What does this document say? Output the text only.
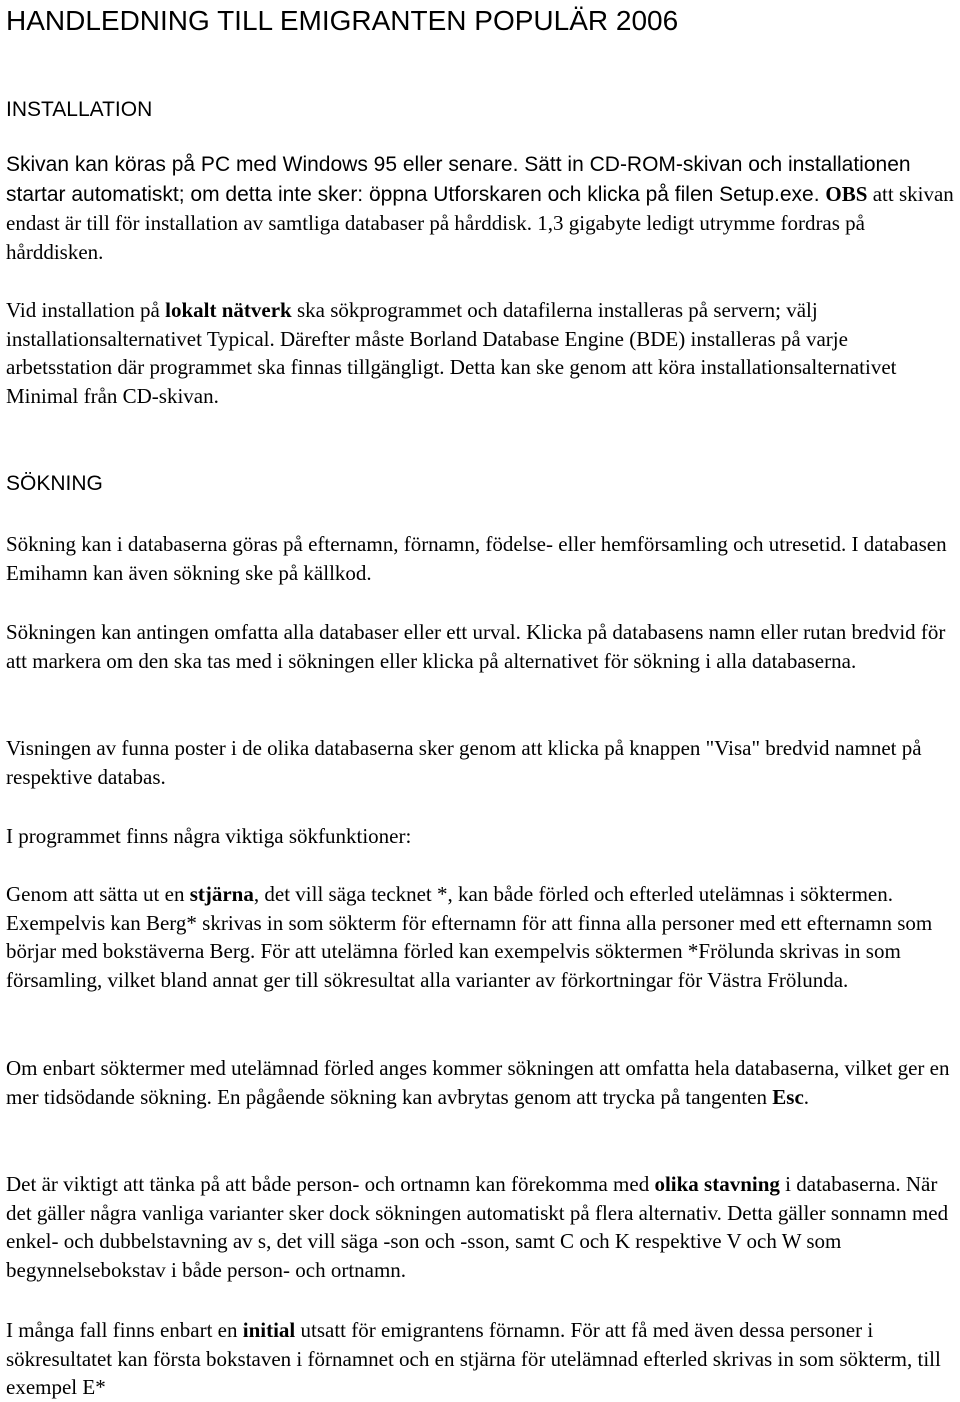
HANDLEDNING TILL EMIGRANTEN POPULÄR 2006
INSTALLATION

Skivan kan köras på PC med Windows 95 eller senare. Sätt in CD-ROM-skivan och installationen startar automatiskt; om detta inte sker: öppna Utforskaren och klicka på filen Setup.exe. OBS att skivan endast är till för installation av samtliga databaser på hårddisk. 1,3 gigabyte ledigt utrymme fordras på hårddisken.

Vid installation på lokalt nätverk ska sökprogrammet och datafilerna installeras på servern; välj installationsalternativet Typical. Därefter måste Borland Database Engine (BDE) installeras på varje arbetsstation där programmet ska finnas tillgängligt. Detta kan ske genom att köra installationsalternativet Minimal från CD-skivan.

SÖKNING

Sökning kan i databaserna göras på efternamn, förnamn, födelse- eller hemförsamling och utresetid. I databasen Emihamn kan även sökning ske på källkod.

Sökningen kan antingen omfatta alla databaser eller ett urval. Klicka på databasens namn eller rutan bredvid för att markera om den ska tas med i sökningen eller klicka på alternativet för sökning i alla databaserna.

Visningen av funna poster i de olika databaserna sker genom att klicka på knappen "Visa" bredvid namnet på respektive databas.

I programmet finns några viktiga sökfunktioner:

Genom att sätta ut en stjärna, det vill säga tecknet *, kan både förled och efterled utelämnas i söktermen. Exempelvis kan Berg* skrivas in som sökterm för efternamn för att finna alla personer med ett efternamn som börjar med bokstäverna Berg. För att utelämna förled kan exempelvis söktermen *Frölunda skrivas in som församling, vilket bland annat ger till sökresultat alla varianter av förkortningar för Västra Frölunda.

Om enbart söktermer med utelämnad förled anges kommer sökningen att omfatta hela databaserna, vilket ger en mer tidsödande sökning. En pågående sökning kan avbrytas genom att trycka på tangenten Esc.

Det är viktigt att tänka på att både person- och ortnamn kan förekomma med olika stavning i databaserna. När det gäller några vanliga varianter sker dock sökningen automatiskt på flera alternativ. Detta gäller sonnamn med enkel- och dubbelstavning av s, det vill säga -son och -sson, samt C och K respektive V och W som begynnelsebokstav i både person- och ortnamn.

I många fall finns enbart en initial utsatt för emigrantens förnamn. För att få med även dessa personer i sökresultatet kan första bokstaven i förnamnet och en stjärna för utelämnad efterled skrivas in som sökterm, till exempel E*
